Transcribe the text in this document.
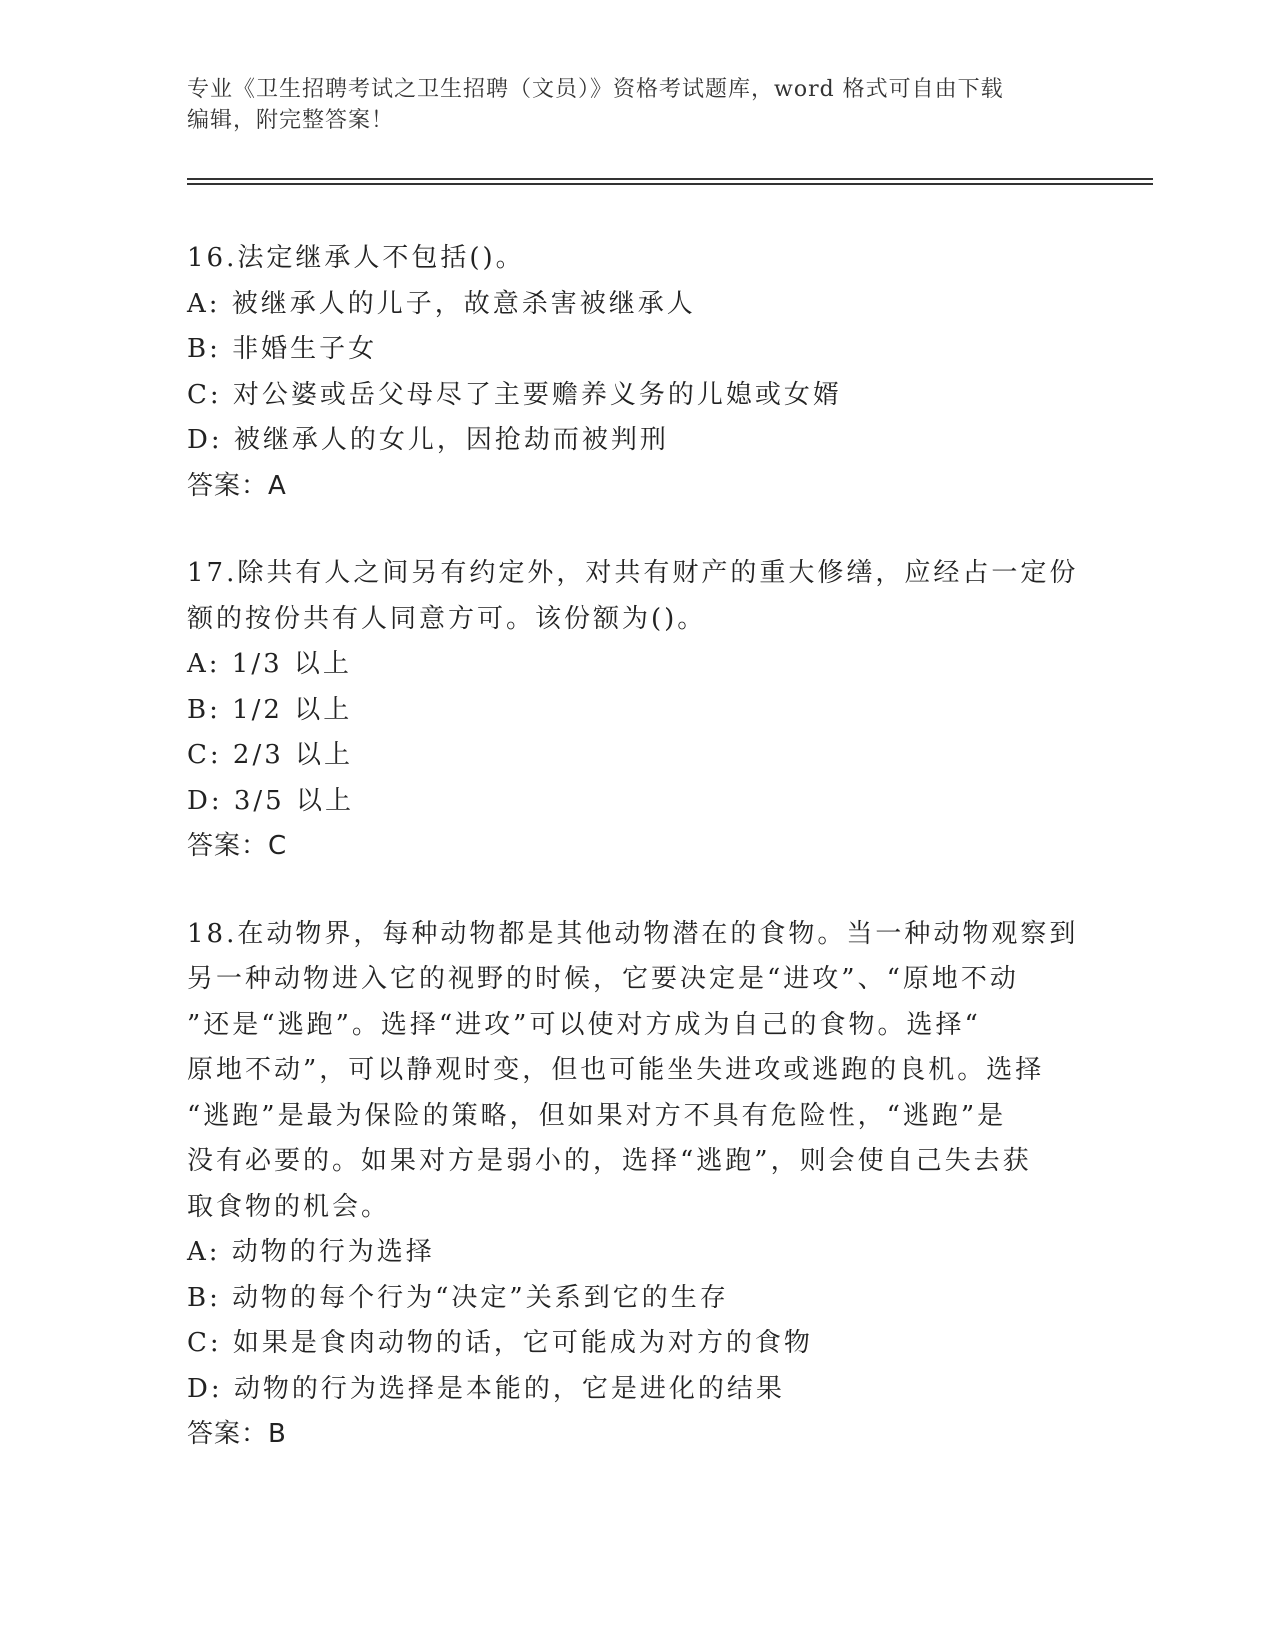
专业《卫生招聘考试之卫生招聘（文员）》资格考试题库，word 格式可自由下载
编辑，附完整答案！
16.法定继承人不包括()。
A: 被继承人的儿子，故意杀害被继承人
B: 非婚生子女
C: 对公婆或岳父母尽了主要赡养义务的儿媳或女婿
D: 被继承人的女儿，因抢劫而被判刑
答案：A
17.除共有人之间另有约定外，对共有财产的重大修缮，应经占一定份
额的按份共有人同意方可。该份额为()。
A: 1/3 以上
B: 1/2 以上
C: 2/3 以上
D: 3/5 以上
答案：C
18.在动物界，每种动物都是其他动物潜在的食物。当一种动物观察到
另一种动物进入它的视野的时候，它要决定是“进攻”、“原地不动
”还是“逃跑”。选择“进攻”可以使对方成为自己的食物。选择“
原地不动”，可以静观时变，但也可能坐失进攻或逃跑的良机。选择
“逃跑”是最为保险的策略，但如果对方不具有危险性，“逃跑”是
没有必要的。如果对方是弱小的，选择“逃跑”，则会使自己失去获
取食物的机会。
A: 动物的行为选择
B: 动物的每个行为“决定”关系到它的生存
C: 如果是食肉动物的话，它可能成为对方的食物
D: 动物的行为选择是本能的，它是进化的结果
答案：B
